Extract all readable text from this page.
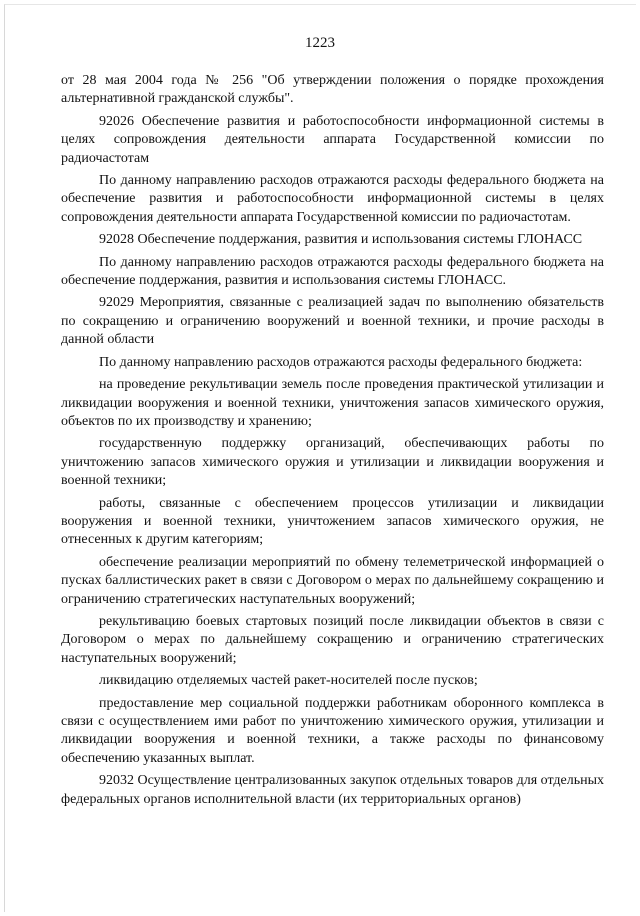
1223

от 28 мая 2004 года № 256 "Об утверждении положения о порядке прохождения альтернативной гражданской службы".

92026 Обеспечение развития и работоспособности информационной системы в целях сопровождения деятельности аппарата Государственной комиссии по радиочастотам

По данному направлению расходов отражаются расходы федерального бюджета на обеспечение развития и работоспособности информационной системы в целях сопровождения деятельности аппарата Государственной комиссии по радиочастотам.

92028 Обеспечение поддержания, развития и использования системы ГЛОНАСС

По данному направлению расходов отражаются расходы федерального бюджета на обеспечение поддержания, развития и использования системы ГЛОНАСС.

92029 Мероприятия, связанные с реализацией задач по выполнению обязательств по сокращению и ограничению вооружений и военной техники, и прочие расходы в данной области

По данному направлению расходов отражаются расходы федерального бюджета:

на проведение рекультивации земель после проведения практической утилизации и ликвидации вооружения и военной техники, уничтожения запасов химического оружия, объектов по их производству и хранению;

государственную поддержку организаций, обеспечивающих работы по уничтожению запасов химического оружия и утилизации и ликвидации вооружения и военной техники;

работы, связанные с обеспечением процессов утилизации и ликвидации вооружения и военной техники, уничтожением запасов химического оружия, не отнесенных к другим категориям;

обеспечение реализации мероприятий по обмену телеметрической информацией о пусках баллистических ракет в связи с Договором о мерах по дальнейшему сокращению и ограничению стратегических наступательных вооружений;

рекультивацию боевых стартовых позиций после ликвидации объектов в связи с Договором о мерах по дальнейшему сокращению и ограничению стратегических наступательных вооружений;

ликвидацию отделяемых частей ракет-носителей после пусков;

предоставление мер социальной поддержки работникам оборонного комплекса в связи с осуществлением ими работ по уничтожению химического оружия, утилизации и ликвидации вооружения и военной техники, а также расходы по финансовому обеспечению указанных выплат.

92032 Осуществление централизованных закупок отдельных товаров для отдельных федеральных органов исполнительной власти (их территориальных органов)
